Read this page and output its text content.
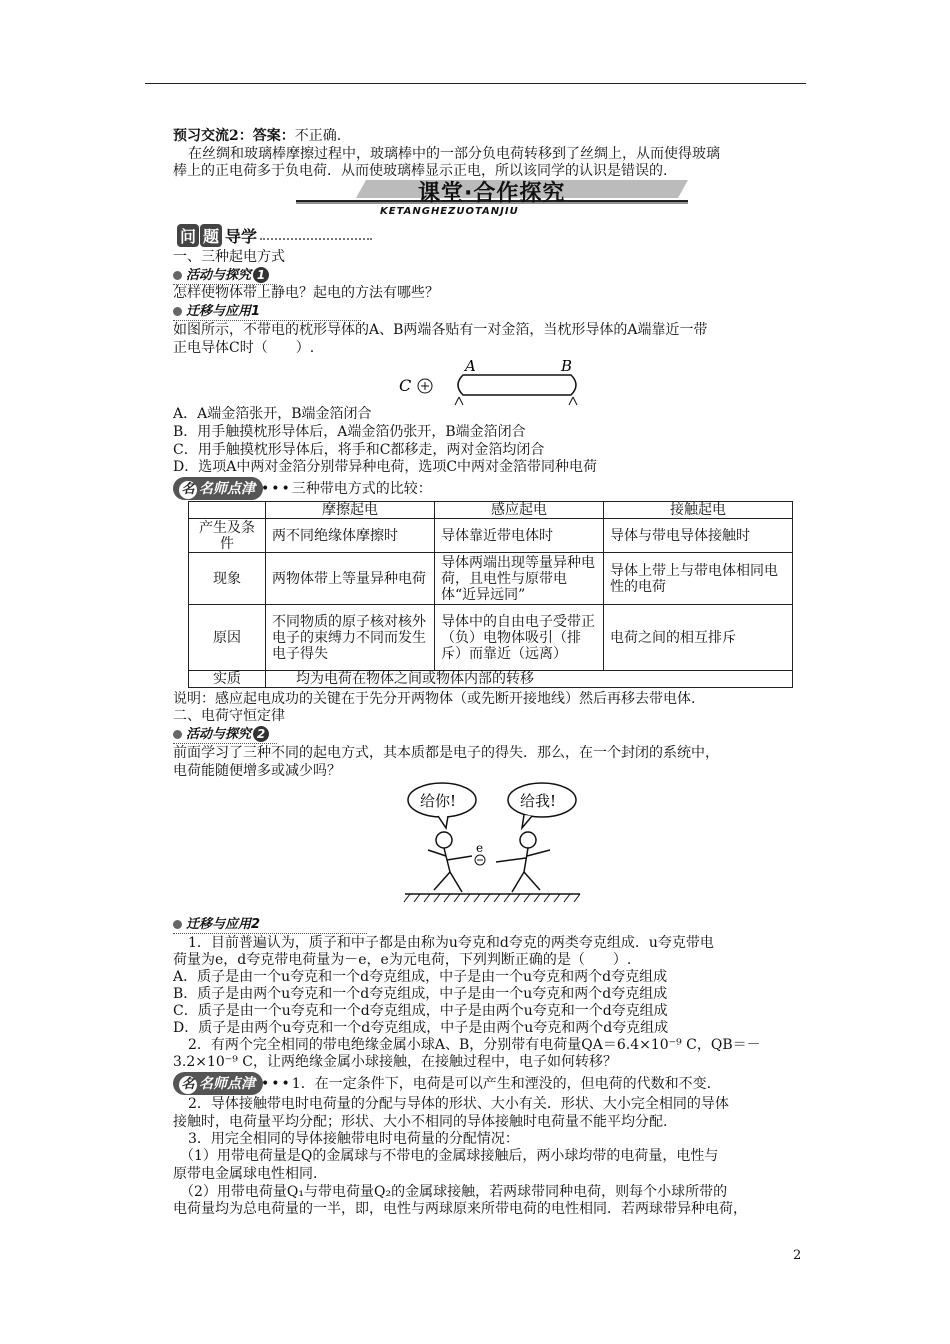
预习交流2：答案：不正确.
在丝绸和玻璃棒摩擦过程中，玻璃棒中的一部分负电荷转移到了丝绸上，从而使得玻璃
棒上的正电荷多于负电荷．从而使玻璃棒显示正电，所以该同学的认识是错误的.
课堂·合作探究
KETANGHEZUOTANJIU
问 题 导学
一、三种起电方式
活动与探究 1
怎样使物体带上静电？起电的方法有哪些？
迁移与应用1
如图所示，不带电的枕形导体的A、B两端各贴有一对金箔，当枕形导体的A端靠近一带
正电导体C时（　　）.
A	B
C
A．A端金箔张开，B端金箔闭合
B．用手触摸枕形导体后，A端金箔仍张开，B端金箔闭合
C．用手触摸枕形导体后，将手和C都移走，两对金箔均闭合
D．选项A中两对金箔分别带异种电荷，选项C中两对金箔带同种电荷
名 名师点津 •••三种带电方式的比较：
	摩擦起电	感应起电	接触起电
产生及条件	两不同绝缘体摩擦时	导体靠近带电体时	导体与带电导体接触时
现象	两物体带上等量异种电荷	导体两端出现等量异种电荷，且电性与原带电体“近异远同”	导体上带上与带电体相同电性的电荷
原因	不同物质的原子核对核外电子的束缚力不同而发生电子得失	导体中的自由电子受带正（负）电物体吸引（排斥）而靠近（远离）	电荷之间的相互排斥
实质	均为电荷在物体之间或物体内部的转移		
说明：感应起电成功的关键在于先分开两物体（或先断开接地线）然后再移去带电体.
二、电荷守恒定律
活动与探究 2
前面学习了三种不同的起电方式，其本质都是电子的得失．那么，在一个封闭的系统中，
电荷能随便增多或减少吗？
给你!	给我!
e
迁移与应用2
1．目前普遍认为，质子和中子都是由称为u夸克和d夸克的两类夸克组成．u夸克带电
荷量为e，d夸克带电荷量为－e，e为元电荷，下列判断正确的是（　　）.
A．质子是由一个u夸克和一个d夸克组成，中子是由一个u夸克和两个d夸克组成
B．质子是由两个u夸克和一个d夸克组成，中子是由一个u夸克和两个d夸克组成
C．质子是由一个u夸克和一个d夸克组成，中子是由两个u夸克和一个d夸克组成
D．质子是由两个u夸克和一个d夸克组成，中子是由两个u夸克和两个d夸克组成
2．有两个完全相同的带电绝缘金属小球A、B，分别带有电荷量QA＝6.4×10⁻⁹ C，QB＝－
3.2×10⁻⁹ C，让两绝缘金属小球接触，在接触过程中，电子如何转移？
名 名师点津 •••1．在一定条件下，电荷是可以产生和湮没的，但电荷的代数和不变.
2．导体接触带电时电荷量的分配与导体的形状、大小有关．形状、大小完全相同的导体
接触时，电荷量平均分配；形状、大小不相同的导体接触时电荷量不能平均分配.
3．用完全相同的导体接触带电时电荷量的分配情况：
（1）用带电荷量是Q的金属球与不带电的金属球接触后，两小球均带的电荷量，电性与
原带电金属球电性相同.
（2）用带电荷量Q₁与带电荷量Q₂的金属球接触，若两球带同种电荷，则每个小球所带的
电荷量均为总电荷量的一半，即，电性与两球原来所带电荷的电性相同．若两球带异种电荷，
2
